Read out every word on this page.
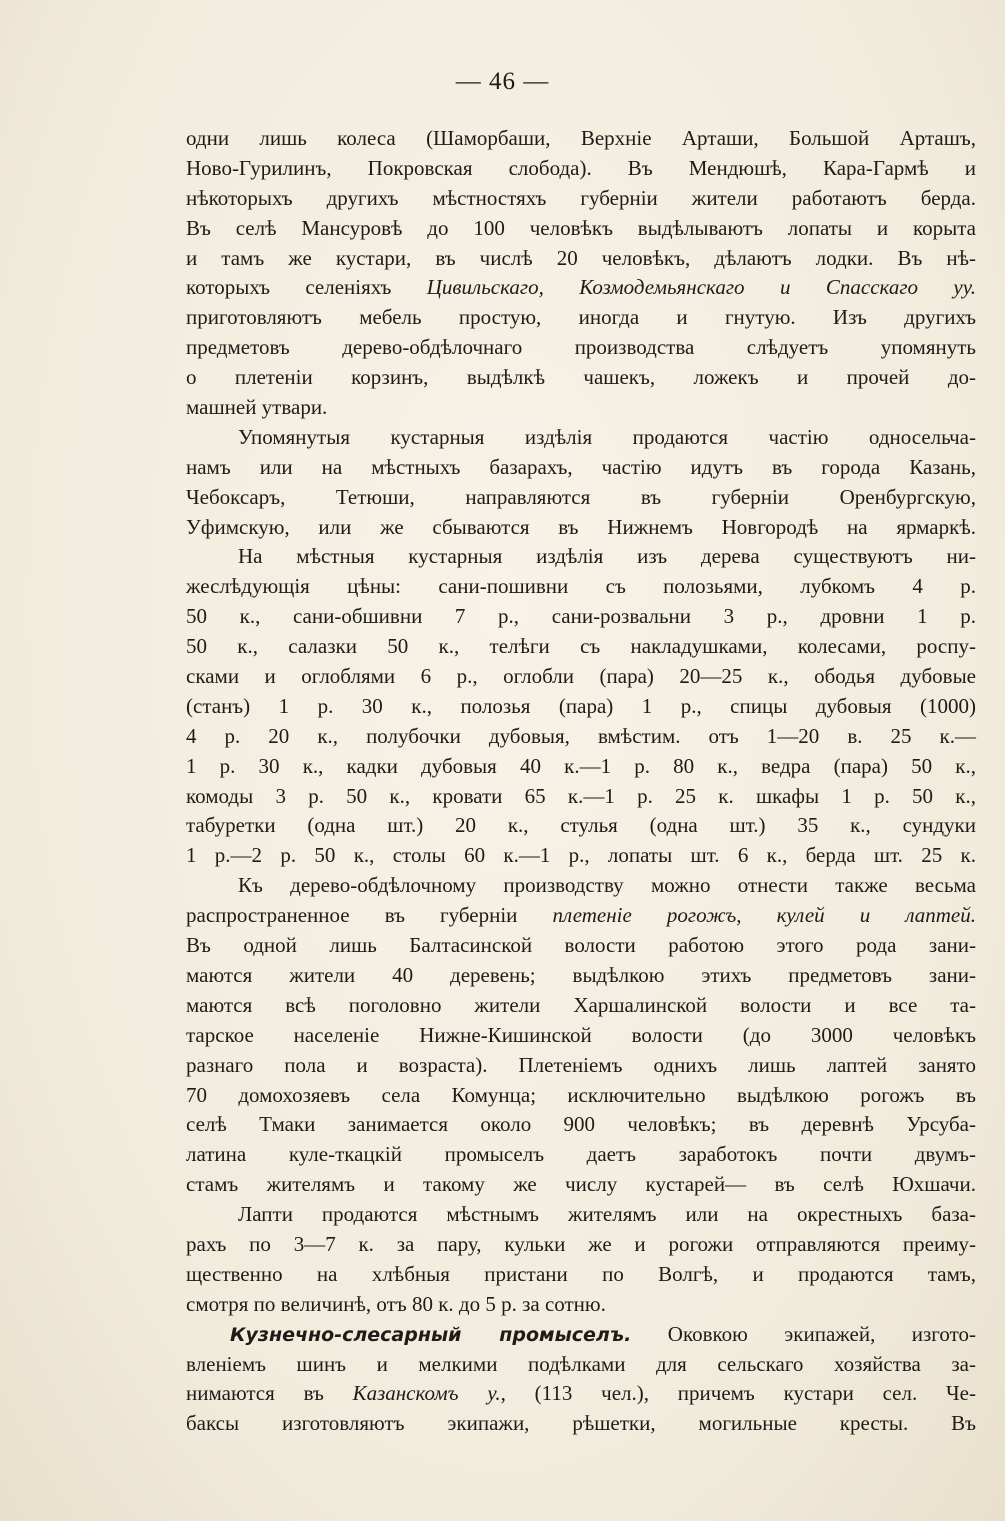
— 46 —
одни лишь колеса (Шаморбаши, Верхніе Арташи, Большой Арташъ,
Ново-Гурилинъ, Покровская слобода). Въ Мендюшѣ, Кара-Гармѣ и
нѣкоторыхъ другихъ мѣстностяхъ губерніи жители работаютъ берда.
Въ селѣ Мансуровѣ до 100 человѣкъ выдѣлываютъ лопаты и корыта
и тамъ же кустари, въ числѣ 20 человѣкъ, дѣлаютъ лодки. Въ нѣ-
которыхъ селеніяхъ Цивильскаго, Козмодемьянскаго и Спасскаго уу.
приготовляютъ мебель простую, иногда и гнутую. Изъ другихъ
предметовъ дерево-обдѣлочнаго производства слѣдуетъ упомянуть
о плетеніи корзинъ, выдѣлкѣ чашекъ, ложекъ и прочей до-
машней утвари.
Упомянутыя кустарныя издѣлія продаются частію односельча-
намъ или на мѣстныхъ базарахъ, частію идутъ въ города Казань,
Чебоксаръ, Тетюши, направляются въ губерніи Оренбургскую,
Уфимскую, или же сбываются въ Нижнемъ Новгородѣ на ярмаркѣ.
На мѣстныя кустарныя издѣлія изъ дерева существуютъ ни-
жеслѣдующія цѣны: сани-пошивни съ полозьями, лубкомъ 4 р.
50 к., сани-обшивни 7 р., сани-розвальни 3 р., дровни 1 р.
50 к., салазки 50 к., телѣги съ накладушками, колесами, роспу-
сками и оглоблями 6 р., оглобли (пара) 20—25 к., ободья дубовые
(станъ) 1 р. 30 к., полозья (пара) 1 р., спицы дубовыя (1000)
4 р. 20 к., полубочки дубовыя, вмѣстим. отъ 1—20 в. 25 к.—
1 р. 30 к., кадки дубовыя 40 к.—1 р. 80 к., ведра (пара) 50 к.,
комоды 3 р. 50 к., кровати 65 к.—1 р. 25 к. шкафы 1 р. 50 к.,
табуретки (одна шт.) 20 к., стулья (одна шт.) 35 к., сундуки
1 р.—2 р. 50 к., столы 60 к.—1 р., лопаты шт. 6 к., берда шт. 25 к.
Къ дерево-обдѣлочному производству можно отнести также весьма
распространенное въ губерніи плетеніе рогожъ, кулей и лаптей.
Въ одной лишь Балтасинской волости работою этого рода зани-
маются жители 40 деревень; выдѣлкою этихъ предметовъ зани-
маются всѣ поголовно жители Харшалинской волости и все та-
тарское населеніе Нижне-Кишинской волости (до 3000 человѣкъ
разнаго пола и возраста). Плетеніемъ однихъ лишь лаптей занято
70 домохозяевъ села Комунца; исключительно выдѣлкою рогожъ въ
селѣ Тмаки занимается около 900 человѣкъ; въ деревнѣ Урсуба-
латина куле-ткацкій промыселъ даетъ заработокъ почти двумъ-
стамъ жителямъ и такому же числу кустарей— въ селѣ Юхшачи.
Лапти продаются мѣстнымъ жителямъ или на окрестныхъ база-
рахъ по 3—7 к. за пару, кульки же и рогожи отправляются преиму-
щественно на хлѣбныя пристани по Волгѣ, и продаются тамъ,
смотря по величинѣ, отъ 80 к. до 5 р. за сотню.
Кузнечно-слесарный промыселъ. Оковкою экипажей, изгото-
вленіемъ шинъ и мелкими подѣлками для сельскаго хозяйства за-
нимаются въ Казанскомъ у., (113 чел.), причемъ кустари сел. Че-
баксы изготовляютъ экипажи, рѣшетки, могильные кресты. Въ
